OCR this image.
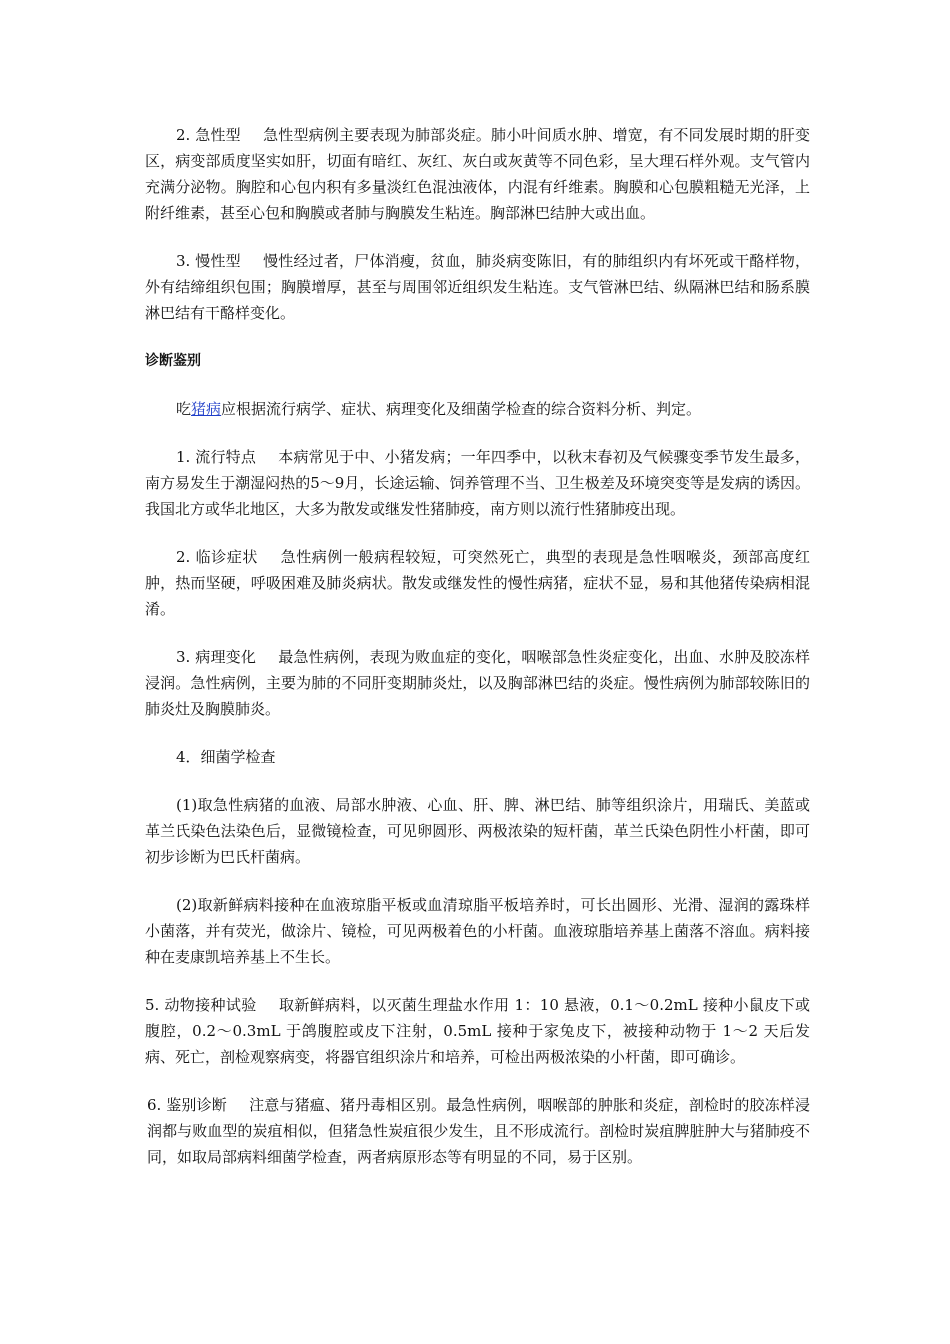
2. 急性型 急性型病例主要表现为肺部炎症。肺小叶间质水肿、增宽，有不同发展时期的肝变区，病变部质度坚实如肝，切面有暗红、灰红、灰白或灰黄等不同色彩，呈大理石样外观。支气管内充满分泌物。胸腔和心包内积有多量淡红色混浊液体，内混有纤维素。胸膜和心包膜粗糙无光泽，上附纤维素，甚至心包和胸膜或者肺与胸膜发生粘连。胸部淋巴结肿大或出血。

3. 慢性型 慢性经过者，尸体消瘦，贫血，肺炎病变陈旧，有的肺组织内有坏死或干酪样物，外有结缔组织包围；胸膜增厚，甚至与周围邻近组织发生粘连。支气管淋巴结、纵隔淋巴结和肠系膜淋巴结有干酪样变化。

诊断鉴别

吃猪病应根据流行病学、症状、病理变化及细菌学检查的综合资料分析、判定。

1. 流行特点 本病常见于中、小猪发病；一年四季中，以秋末春初及气候骤变季节发生最多，南方易发生于潮湿闷热的5～9月，长途运输、饲养管理不当、卫生极差及环境突变等是发病的诱因。我国北方或华北地区，大多为散发或继发性猪肺疫，南方则以流行性猪肺疫出现。

2. 临诊症状 急性病例一般病程较短，可突然死亡，典型的表现是急性咽喉炎，颈部高度红肿，热而坚硬，呼吸困难及肺炎病状。散发或继发性的慢性病猪，症状不显，易和其他猪传染病相混淆。

3. 病理变化 最急性病例，表现为败血症的变化，咽喉部急性炎症变化，出血、水肿及胶冻样浸润。急性病例，主要为肺的不同肝变期肺炎灶，以及胸部淋巴结的炎症。慢性病例为肺部较陈旧的肺炎灶及胸膜肺炎。

4．细菌学检查

(1)取急性病猪的血液、局部水肿液、心血、肝、脾、淋巴结、肺等组织涂片，用瑞氏、美蓝或革兰氏染色法染色后，显微镜检查，可见卵圆形、两极浓染的短杆菌，革兰氏染色阴性小杆菌，即可初步诊断为巴氏杆菌病。

(2)取新鲜病料接种在血液琼脂平板或血清琼脂平板培养时，可长出圆形、光滑、湿润的露珠样小菌落，并有荧光，做涂片、镜检，可见两极着色的小杆菌。血液琼脂培养基上菌落不溶血。病料接种在麦康凯培养基上不生长。

5. 动物接种试验 取新鲜病料，以灭菌生理盐水作用 1：10 悬液，0.1～0.2mL 接种小鼠皮下或腹腔，0.2～0.3mL 于鸽腹腔或皮下注射，0.5mL 接种于家兔皮下，被接种动物于 1～2 天后发病、死亡，剖检观察病变，将器官组织涂片和培养，可检出两极浓染的小杆菌，即可确诊。

6. 鉴别诊断 注意与猪瘟、猪丹毒相区别。最急性病例，咽喉部的肿胀和炎症，剖检时的胶冻样浸润都与败血型的炭疽相似，但猪急性炭疽很少发生，且不形成流行。剖检时炭疽脾脏肿大与猪肺疫不同，如取局部病料细菌学检查，两者病原形态等有明显的不同，易于区别。
